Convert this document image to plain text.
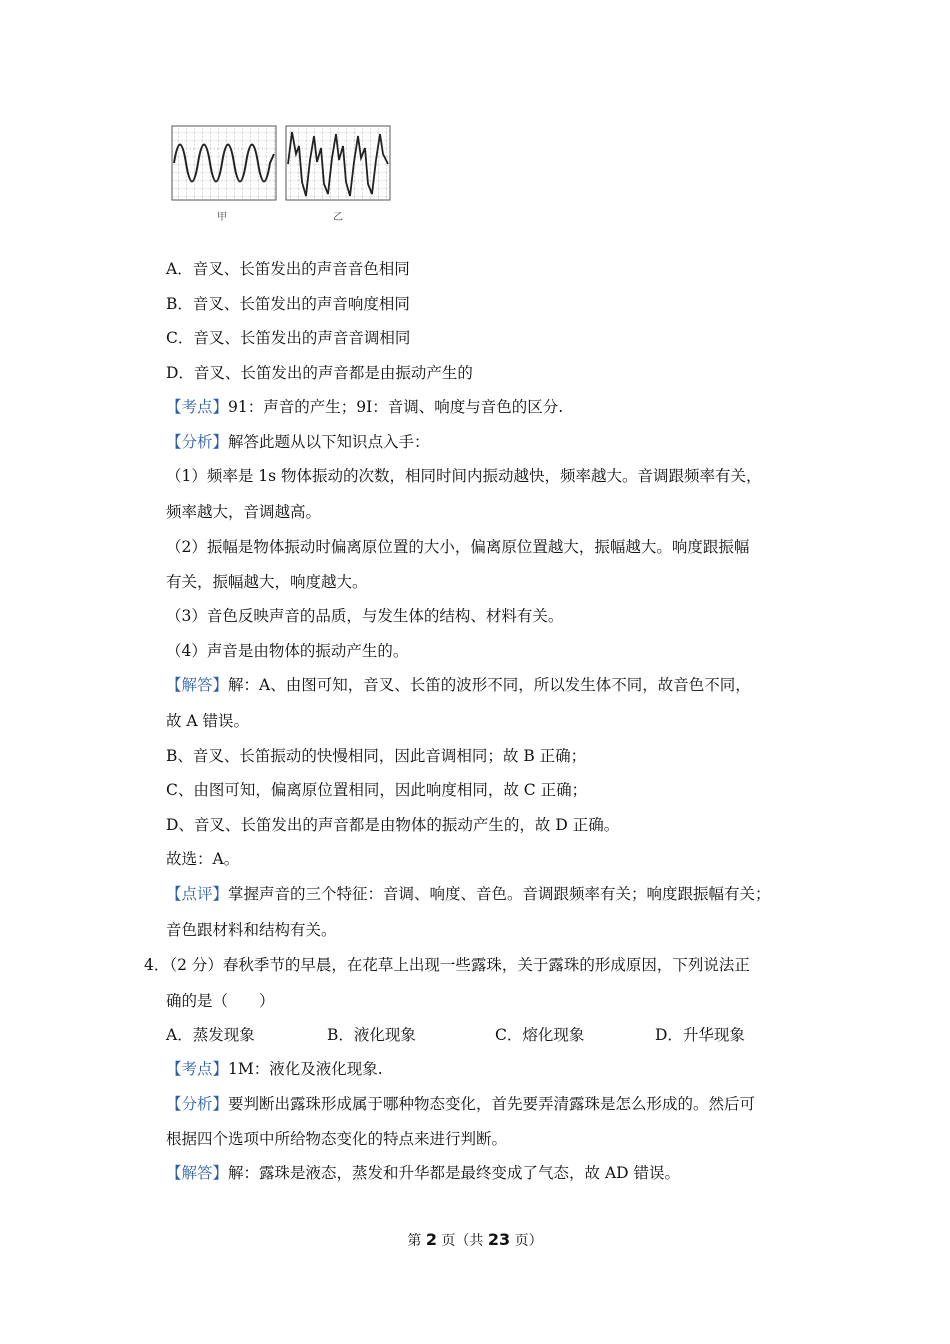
甲	乙
A．音叉、长笛发出的声音音色相同
B．音叉、长笛发出的声音响度相同
C．音叉、长笛发出的声音音调相同
D．音叉、长笛发出的声音都是由振动产生的
【考点】91：声音的产生；9I：音调、响度与音色的区分.
【分析】解答此题从以下知识点入手：
（1）频率是 1s 物体振动的次数，相同时间内振动越快，频率越大。音调跟频率有关，
频率越大，音调越高。
（2）振幅是物体振动时偏离原位置的大小，偏离原位置越大，振幅越大。响度跟振幅
有关，振幅越大，响度越大。
（3）音色反映声音的品质，与发生体的结构、材料有关。
（4）声音是由物体的振动产生的。
【解答】解：A、由图可知，音叉、长笛的波形不同，所以发生体不同，故音色不同，
故 A 错误。
B、音叉、长笛振动的快慢相同，因此音调相同；故 B 正确；
C、由图可知，偏离原位置相同，因此响度相同，故 C 正确；
D、音叉、长笛发出的声音都是由物体的振动产生的，故 D 正确。
故选：A。
【点评】掌握声音的三个特征：音调、响度、音色。音调跟频率有关；响度跟振幅有关；
音色跟材料和结构有关。
4．（2 分）春秋季节的早晨，在花草上出现一些露珠，关于露珠的形成原因，下列说法正
确的是（　　）
A．蒸发现象	B．液化现象	C．熔化现象	D．升华现象
【考点】1M：液化及液化现象.
【分析】要判断出露珠形成属于哪种物态变化，首先要弄清露珠是怎么形成的。然后可
根据四个选项中所给物态变化的特点来进行判断。
【解答】解：露珠是液态，蒸发和升华都是最终变成了气态，故 AD 错误。
第 2 页（共 23 页）
